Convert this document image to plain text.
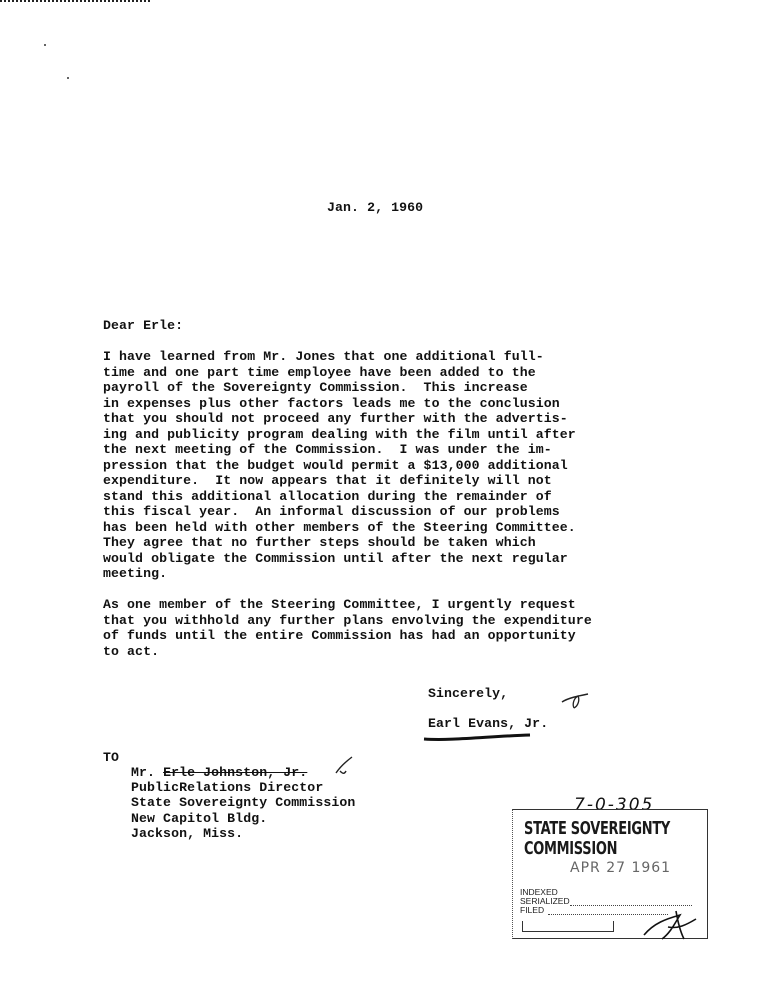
Jan. 2, 1960
Dear Erle:
I have learned from Mr. Jones that one additional full-
time and one part time employee have been added to the
payroll of the Sovereignty Commission.  This increase
in expenses plus other factors leads me to the conclusion
that you should not proceed any further with the advertis-
ing and publicity program dealing with the film until after
the next meeting of the Commission.  I was under the im-
pression that the budget would permit a $13,000 additional
expenditure.  It now appears that it definitely will not
stand this additional allocation during the remainder of
this fiscal year.  An informal discussion of our problems
has been held with other members of the Steering Committee.
They agree that no further steps should be taken which
would obligate the Commission until after the next regular
meeting.
As one member of the Steering Committee, I urgently request
that you withhold any further plans envolving the expenditure
of funds until the entire Commission has had an opportunity
to act.
Sincerely,
Earl Evans, Jr.
TO
Mr. Erle Johnston, Jr.
PublicRelations Director
State Sovereignty Commission
New Capitol Bldg.
Jackson, Miss.
7-0-305
STATE SOVEREIGNTY COMMISSION
APR 27 1961
INDEXED
SERIALIZED
FILED
